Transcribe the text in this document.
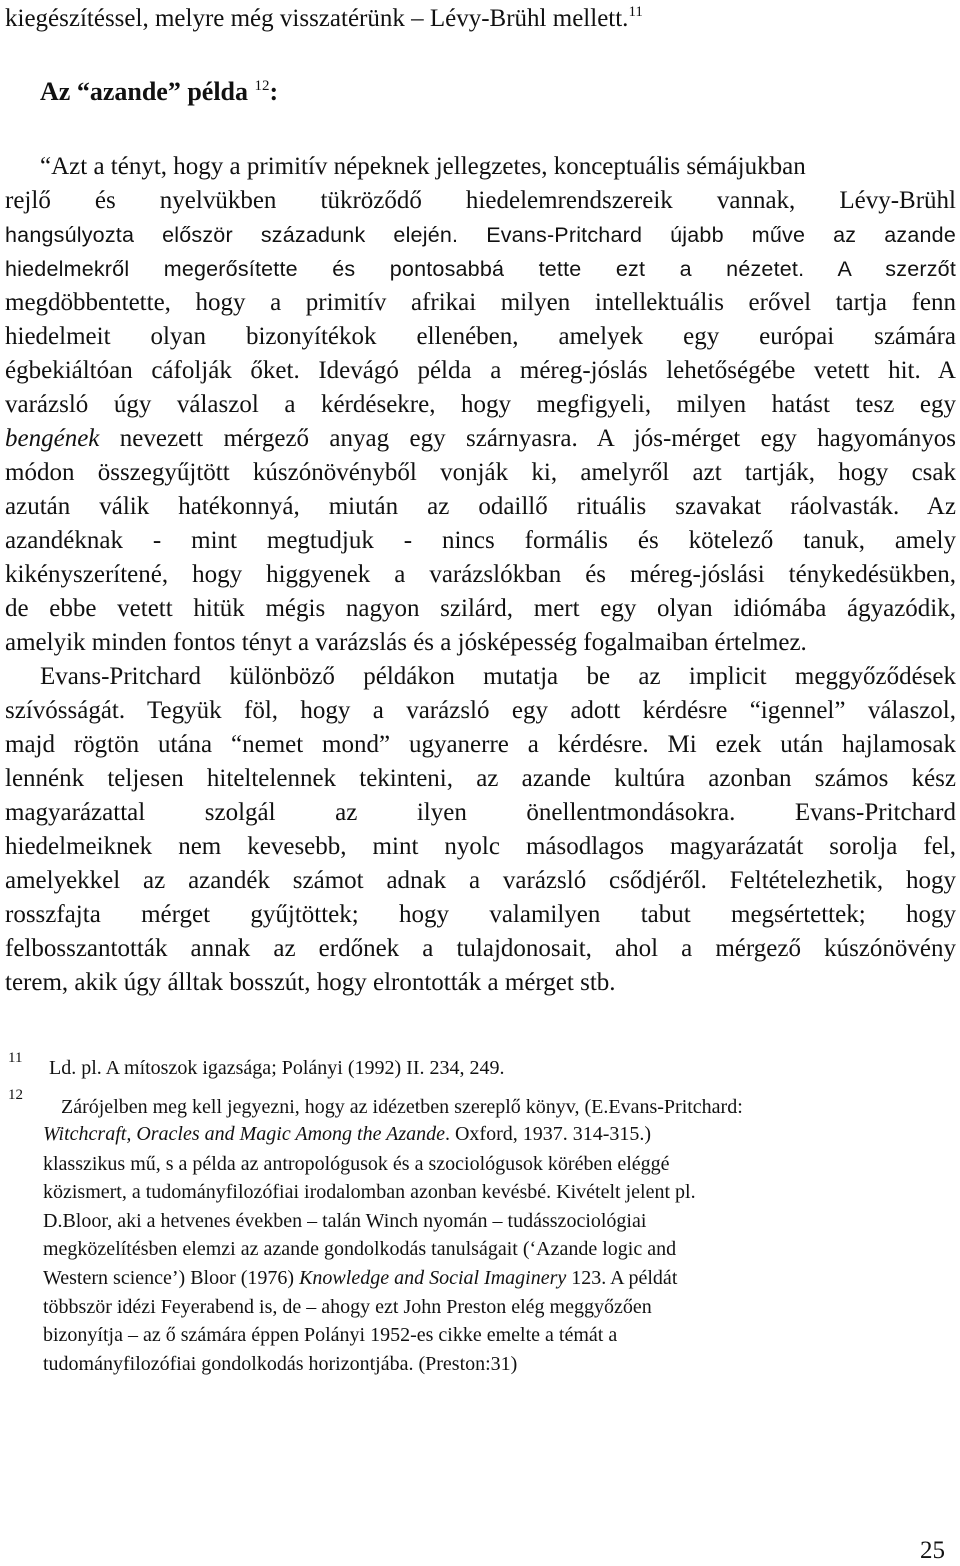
kiegészítéssel, melyre még visszatérünk – Lévy-Brühl mellett.$^{11}$
Az “azande” példa $^{12}$:
“Azt a tényt, hogy a primitív népeknek jellegzetes, konceptuális sémájukban
rejlő és nyelvükben tükröződő hiedelemrendszereik vannak, Lévy-Brühl
hangsúlyozta először századunk elején. Evans-Pritchard újabb műve az azande
hiedelmekről megerősítette és pontosabbá tette ezt a nézetet. A szerzőt
megdöbbentette, hogy a primitív afrikai milyen intellektuális erővel tartja fenn
hiedelmeit olyan bizonyítékok ellenében, amelyek egy európai számára
égbekiáltóan cáfolják őket. Idevágó példa a méreg-jóslás lehetőségébe vetett hit. A
varázsló úgy válaszol a kérdésekre, hogy megfigyeli, milyen hatást tesz egy
bengének nevezett mérgező anyag egy szárnyasra. A jós-mérget egy hagyományos
módon összegyűjtött kúszónövényből vonják ki, amelyről azt tartják, hogy csak
azután válik hatékonnyá, miután az odaillő rituális szavakat ráolvasták. Az
azandéknak - mint megtudjuk - nincs formális és kötelező tanuk, amely
kikényszerítené, hogy higgyenek a varázslókban és méreg-jóslási ténykedésükben,
de ebbe vetett hitük mégis nagyon szilárd, mert egy olyan idiómába ágyazódik,
amelyik minden fontos tényt a varázslás és a jósképesség fogalmaiban értelmez.
Evans-Pritchard különböző példákon mutatja be az implicit meggyőződések
szívósságát. Tegyük föl, hogy a varázsló egy adott kérdésre “igennel” válaszol,
majd rögtön utána “nemet mond” ugyanerre a kérdésre. Mi ezek után hajlamosak
lennénk teljesen hiteltelennek tekinteni, az azande kultúra azonban számos kész
magyarázattal szolgál az ilyen önellentmondásokra. Evans-Pritchard
hiedelmeiknek nem kevesebb, mint nyolc másodlagos magyarázatát sorolja fel,
amelyekkel az azandék számot adnak a varázsló csődjéről. Feltételezhetik, hogy
rosszfajta mérget gyűjtöttek; hogy valamilyen tabut megsértettek; hogy
felbosszantották annak az erdőnek a tulajdonosait, ahol a mérgező kúszónövény
terem, akik úgy álltak bosszút, hogy elrontották a mérget stb.
11 Ld. pl. A mítoszok igazsága; Polányi (1992) II. 234, 249.
12
Zárójelben meg kell jegyezni, hogy az idézetben szereplő könyv, (E.Evans-Pritchard:
Witchcraft, Oracles and Magic Among the Azande. Oxford, 1937. 314-315.)
klasszikus mű, s a példa az antropológusok és a szociológusok körében eléggé
közismert, a tudományfilozófiai irodalomban azonban kevésbé. Kivételt jelent pl.
D.Bloor, aki a hetvenes években – talán Winch nyomán – tudásszociológiai
megközelítésben elemzi az azande gondolkodás tanulságait (‘Azande logic and
Western science’) Bloor (1976) Knowledge and Social Imaginery 123. A példát
többször idézi Feyerabend is, de – ahogy ezt John Preston elég meggyőzően
bizonyítja – az ő számára éppen Polányi 1952-es cikke emelte a témát a
tudományfilozófiai gondolkodás horizontjába. (Preston:31)
25
